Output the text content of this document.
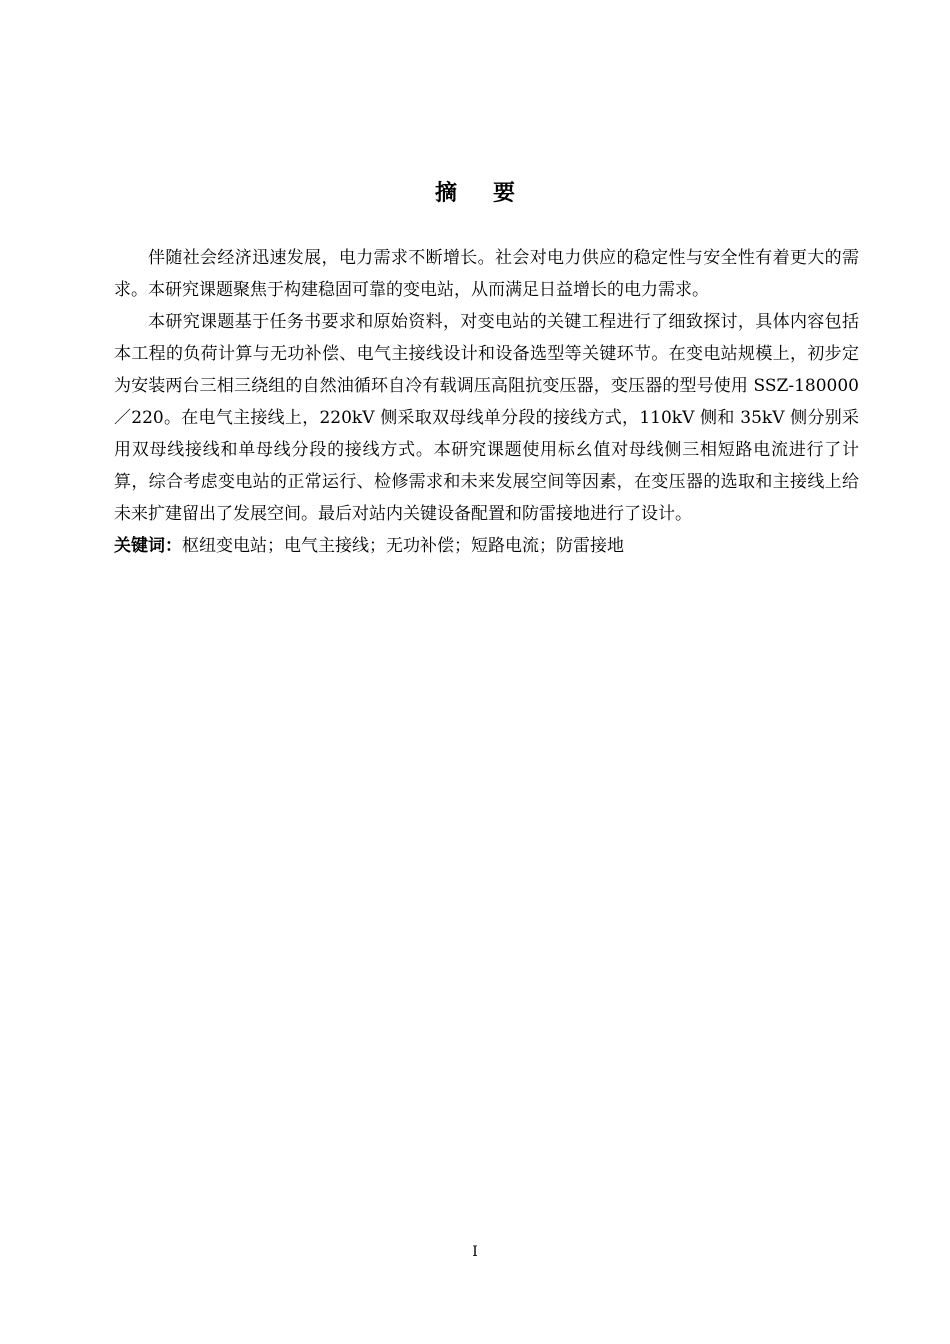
摘要

伴随社会经济迅速发展，电力需求不断增长。社会对电力供应的稳定性与安全性有着更大的需求。本研究课题聚焦于构建稳固可靠的变电站，从而满足日益增长的电力需求。

本研究课题基于任务书要求和原始资料，对变电站的关键工程进行了细致探讨，具体内容包括本工程的负荷计算与无功补偿、电气主接线设计和设备选型等关键环节。在变电站规模上，初步定为安装两台三相三绕组的自然油循环自冷有载调压高阻抗变压器，变压器的型号使用 SSZ-180000／220。在电气主接线上，220kV 侧采取双母线单分段的接线方式，110kV 侧和 35kV 侧分别采用双母线接线和单母线分段的接线方式。本研究课题使用标幺值对母线侧三相短路电流进行了计算，综合考虑变电站的正常运行、检修需求和未来发展空间等因素，在变压器的选取和主接线上给未来扩建留出了发展空间。最后对站内关键设备配置和防雷接地进行了设计。

关键词：枢纽变电站；电气主接线；无功补偿；短路电流；防雷接地

I
